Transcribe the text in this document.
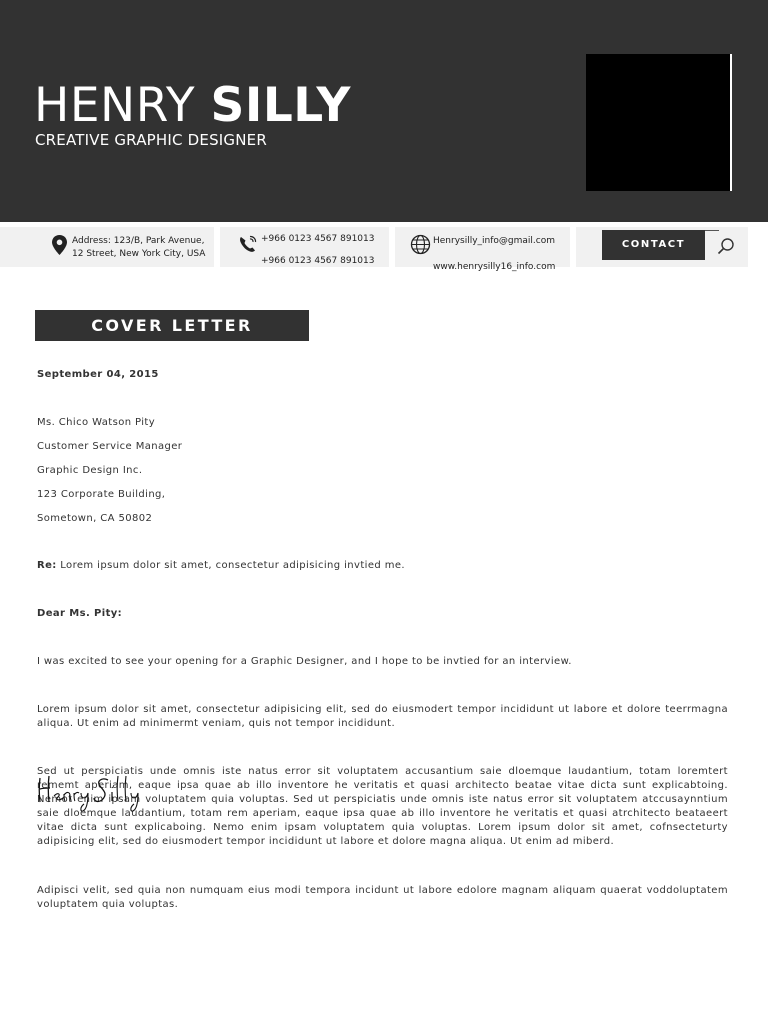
HENRY SILLY
CREATIVE GRAPHIC DESIGNER
Address: 123/B, Park Avenue,
12 Street, New York City, USA
+966 0123 4567 891013
+966 0123 4567 891013
Henrysilly_info@gmail.com
www.henrysilly16_info.com
CONTACT
COVER LETTER
September 04, 2015
Ms. Chico Watson Pity
Customer Service Manager
Graphic Design Inc.
123 Corporate Building,
Sometown, CA 50802
Re: Lorem ipsum dolor sit amet, consectetur adipisicing invtied me.
Dear Ms. Pity:
I was excited to see your opening for a Graphic Designer, and I hope to be invtied for an interview.
Lorem ipsum dolor sit amet, consectetur adipisicing elit, sed do eiusmodert tempor incididunt ut labore et dolore teerrmagna aliqua. Ut enim ad minimermt veniam, quis not tempor incididunt.
Sed ut perspiciatis unde omnis iste natus error sit voluptatem accusantium saie dloemque laudantium, totam loremtert rememt aperiam, eaque ipsa quae ab illo inventore he veritatis et quasi architecto beatae vitae dicta sunt explicabtoing. Nemot enim ipsam voluptatem quia voluptas. Sed ut perspiciatis unde omnis iste natus error sit voluptatem atccusaynntium saie dloemque laudantium, totam rem aperiam, eaque ipsa quae ab illo inventore he veritatis et quasi atrchitecto beataeert vitae dicta sunt explicaboing. Nemo enim ipsam voluptatem quia voluptas. Lorem ipsum dolor sit amet, cofnsecteturty adipisicing elit, sed do eiusmodert tempor incididunt ut labore et dolore magna aliqua. Ut enim ad miberd.
Adipisci velit, sed quia non numquam eius modi tempora incidunt ut labore edolore magnam aliquam quaerat voddoluptatem voluptatem quia voluptas.
